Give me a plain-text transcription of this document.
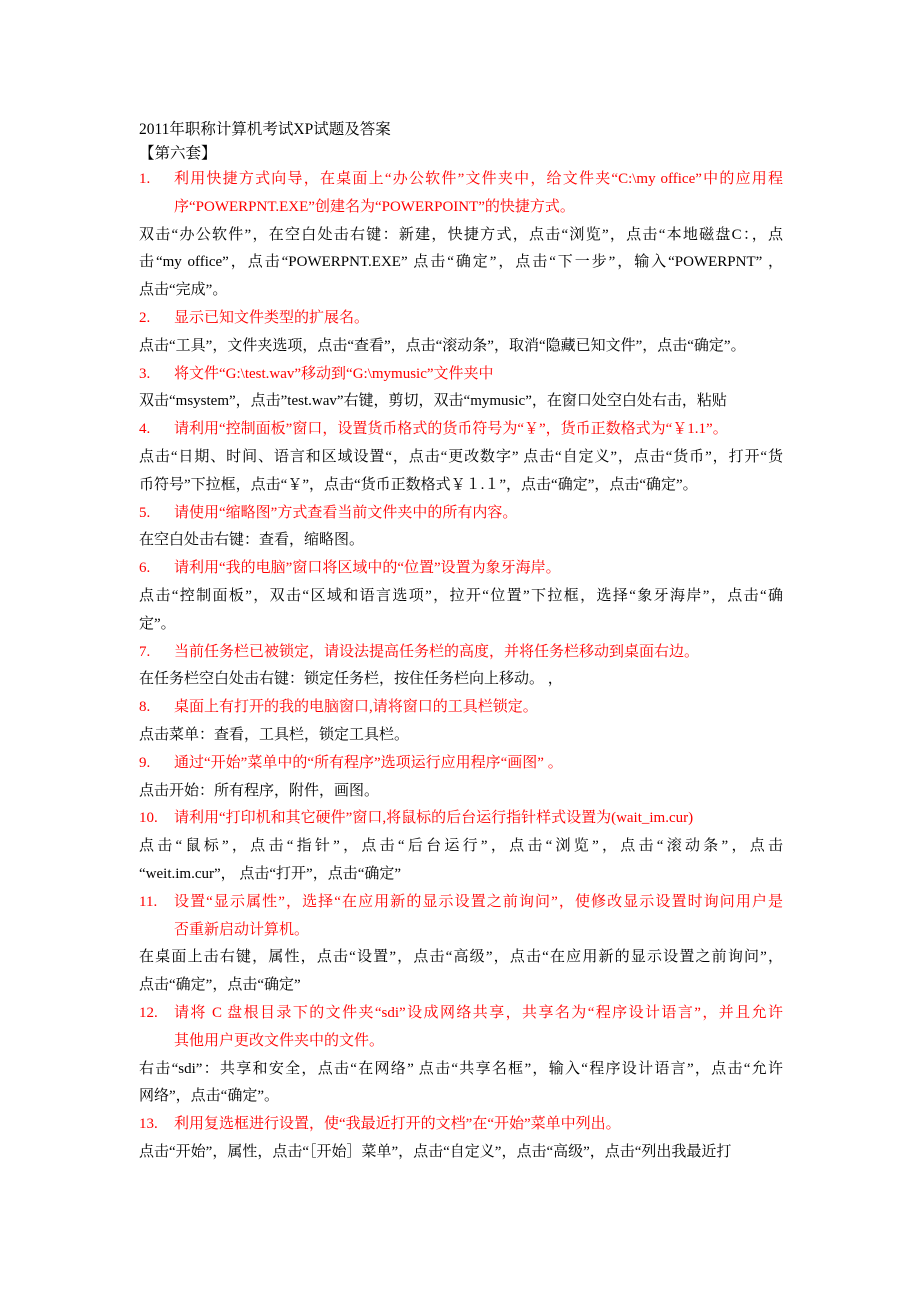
2011年职称计算机考试XP试题及答案
【第六套】
1. 利用快捷方式向导，在桌面上“办公软件”文件夹中，给文件夹“C:\my office”中的应用程
序“POWERPNT.EXE”创建名为“POWERPOINT”的快捷方式。
双击“办公软件”，在空白处击右键：新建，快捷方式，点击“浏览”，点击“本地磁盘C：，点
击“my office”，点击“POWERPNT.EXE” 点击“确定”，点击“下一步”，输入“POWERPNT” ，
点击“完成”。
2. 显示已知文件类型的扩展名。
点击“工具”，文件夹选项，点击“查看”，点击“滚动条”，取消“隐藏已知文件”，点击“确定”。
3. 将文件“G:\test.wav”移动到“G:\mymusic”文件夹中
双击“msystem”，点击”test.wav”右键，剪切，双击“mymusic”，在窗口处空白处右击，粘贴
4. 请利用“控制面板”窗口，设置货币格式的货币符号为“￥”，货币正数格式为“￥1.1”。
点击“日期、时间、语言和区域设置“，点击“更改数字” 点击“自定义”，点击“货币”，打开“货
币符号”下拉框，点击“￥”，点击“货币正数格式￥１.１”，点击“确定”，点击“确定”。
5. 请使用“缩略图”方式查看当前文件夹中的所有内容。
在空白处击右键：查看，缩略图。
6. 请利用“我的电脑”窗口将区域中的“位置”设置为象牙海岸。
点击“控制面板”，双击“区域和语言选项”，拉开“位置”下拉框，选择“象牙海岸”，点击“确
定”。
7. 当前任务栏已被锁定，请设法提高任务栏的高度，并将任务栏移动到桌面右边。
在任务栏空白处击右键：锁定任务栏，按住任务栏向上移动。 ，
8. 桌面上有打开的我的电脑窗口,请将窗口的工具栏锁定。
点击菜单：查看，工具栏，锁定工具栏。
9. 通过“开始”菜单中的“所有程序”选项运行应用程序“画图” 。
点击开始：所有程序，附件，画图。
10. 请利用“打印机和其它硬件”窗口,将鼠标的后台运行指针样式设置为(wait_im.cur)
点击“鼠标”，点击“指针”，点击“后台运行”，点击“浏览”，点击“滚动条”，点击
“weit.im.cur”， 点击“打开”，点击“确定”
11. 设置“显示属性”，选择“在应用新的显示设置之前询问”，使修改显示设置时询问用户是
否重新启动计算机。
在桌面上击右键，属性，点击“设置”，点击“高级”，点击“在应用新的显示设置之前询问”，
点击“确定”，点击“确定”
12. 请将 C 盘根目录下的文件夹“sdi”设成网络共享，共享名为“程序设计语言”，并且允许
其他用户更改文件夹中的文件。
右击“sdi”：共享和安全，点击“在网络” 点击“共享名框”，输入“程序设计语言”，点击“允许
网络”，点击“确定”。
13. 利用复选框进行设置，使“我最近打开的文档”在“开始”菜单中列出。
点击“开始”，属性，点击“［开始］菜单”，点击“自定义”，点击“高级”，点击“列出我最近打
